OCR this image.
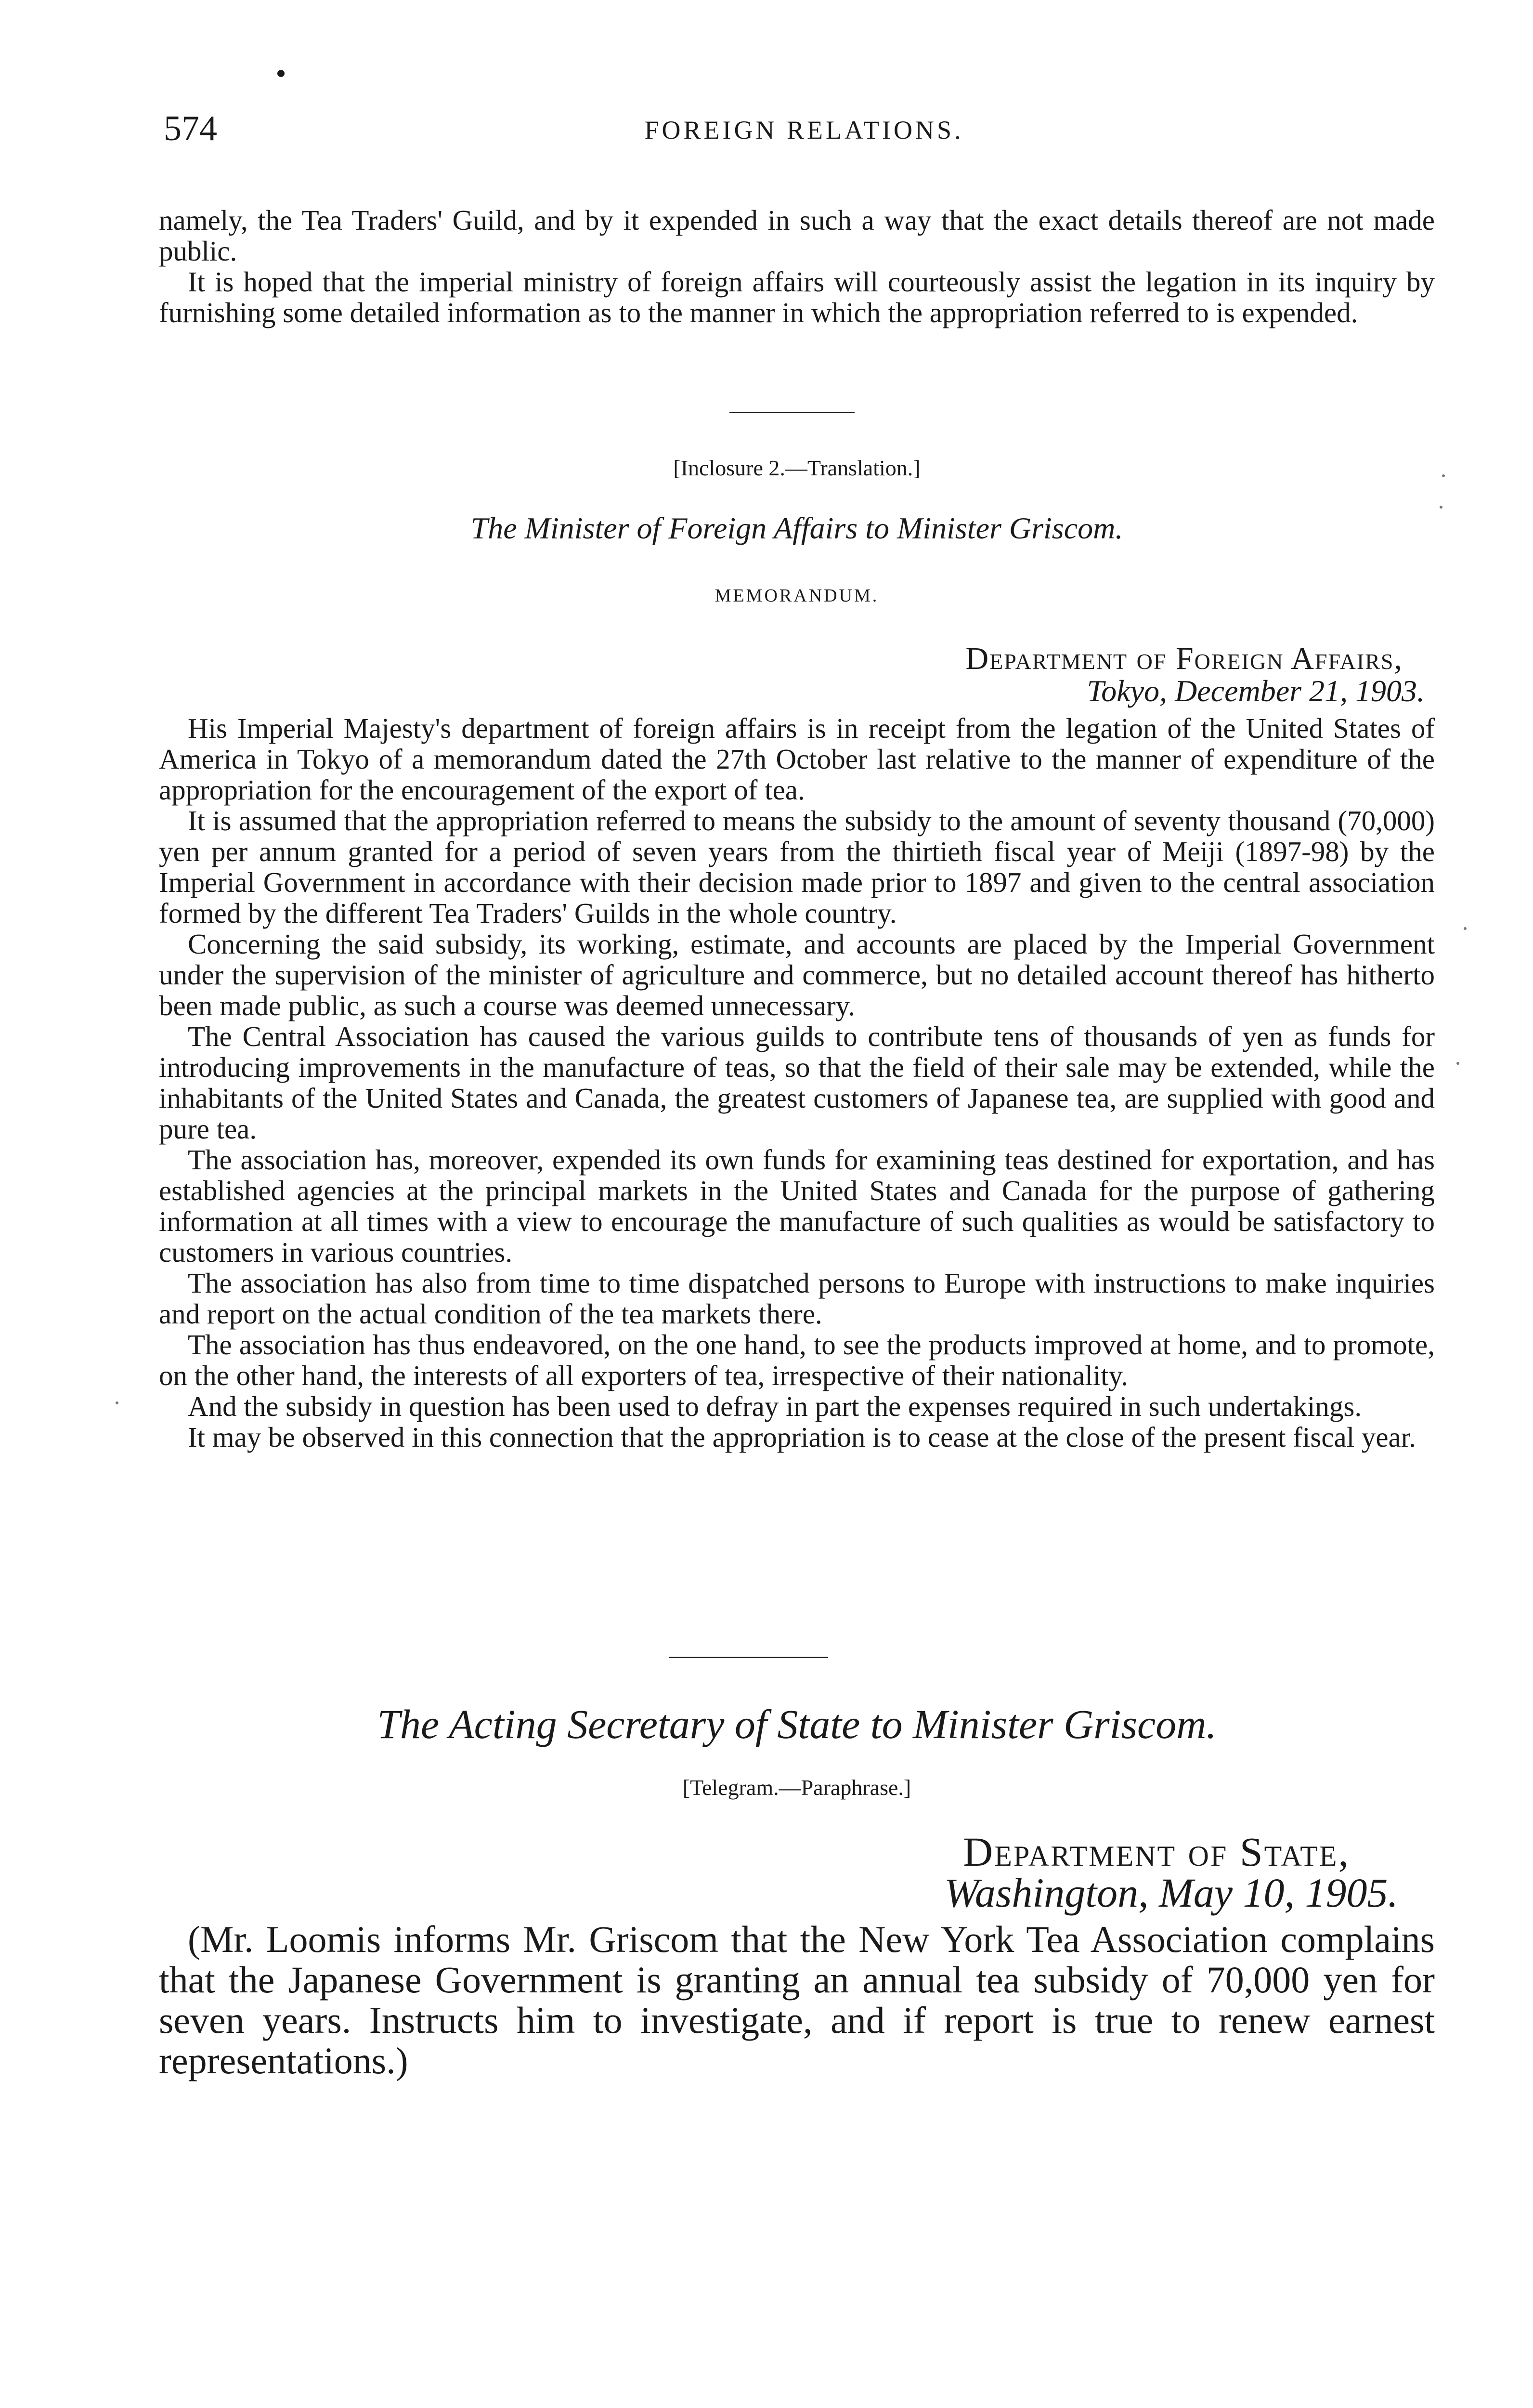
574	FOREIGN RELATIONS.

namely, the Tea Traders' Guild, and by it expended in such a way that the exact details thereof are not made public.

It is hoped that the imperial ministry of foreign affairs will courteously assist the legation in its inquiry by furnishing some detailed information as to the manner in which the appropriation referred to is expended.

[Inclosure 2.—Translation.]
The Minister of Foreign Affairs to Minister Griscom.
MEMORANDUM.
Department of Foreign Affairs,
Tokyo, December 21, 1903.

His Imperial Majesty's department of foreign affairs is in receipt from the legation of the United States of America in Tokyo of a memorandum dated the 27th October last relative to the manner of expenditure of the appropriation for the encouragement of the export of tea.

It is assumed that the appropriation referred to means the subsidy to the amount of seventy thousand (70,000) yen per annum granted for a period of seven years from the thirtieth fiscal year of Meiji (1897-98) by the Imperial Government in accordance with their decision made prior to 1897 and given to the central association formed by the different Tea Traders' Guilds in the whole country.

Concerning the said subsidy, its working, estimate, and accounts are placed by the Imperial Government under the supervision of the minister of agriculture and commerce, but no detailed account thereof has hitherto been made public, as such a course was deemed unnecessary.

The Central Association has caused the various guilds to contribute tens of thousands of yen as funds for introducing improvements in the manufacture of teas, so that the field of their sale may be extended, while the inhabitants of the United States and Canada, the greatest customers of Japanese tea, are supplied with good and pure tea.

The association has, moreover, expended its own funds for examining teas destined for exportation, and has established agencies at the principal markets in the United States and Canada for the purpose of gathering information at all times with a view to encourage the manufacture of such qualities as would be satisfactory to customers in various countries.

The association has also from time to time dispatched persons to Europe with instructions to make inquiries and report on the actual condition of the tea markets there.

The association has thus endeavored, on the one hand, to see the products improved at home, and to promote, on the other hand, the interests of all exporters of tea, irrespective of their nationality.

And the subsidy in question has been used to defray in part the expenses required in such undertakings.

It may be observed in this connection that the appropriation is to cease at the close of the present fiscal year.

The Acting Secretary of State to Minister Griscom.
[Telegram.—Paraphrase.]
Department of State,
Washington, May 10, 1905.

(Mr. Loomis informs Mr. Griscom that the New York Tea Association complains that the Japanese Government is granting an annual tea subsidy of 70,000 yen for seven years. Instructs him to investigate, and if report is true to renew earnest representations.)
